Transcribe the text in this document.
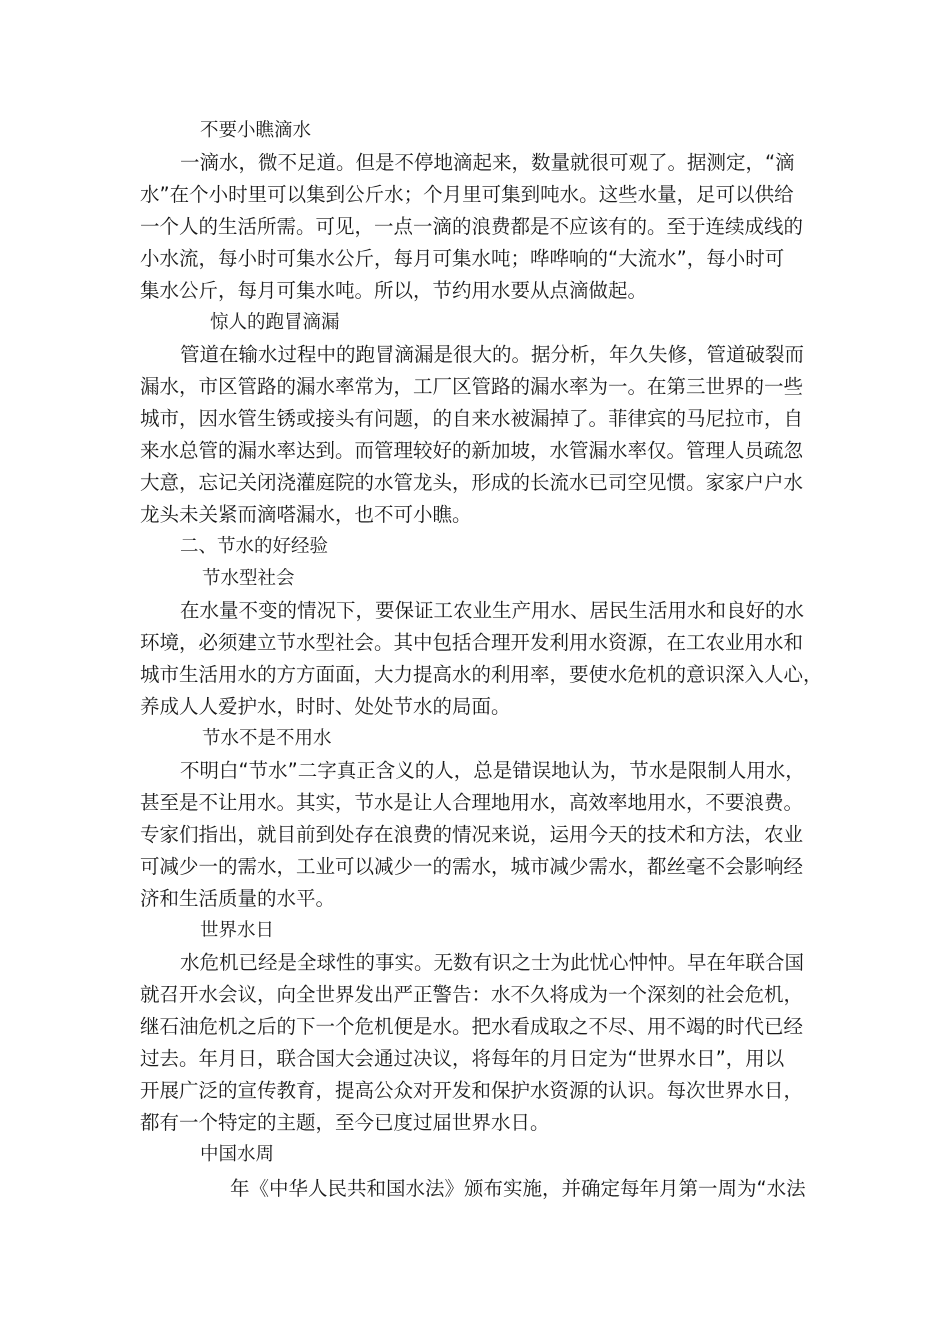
不要小瞧滴水
一滴水，微不足道。但是不停地滴起来，数量就很可观了。据测定，“滴
水”在个小时里可以集到公斤水；个月里可集到吨水。这些水量，足可以供给
一个人的生活所需。可见，一点一滴的浪费都是不应该有的。至于连续成线的
小水流，每小时可集水公斤，每月可集水吨；哗哗响的“大流水”，每小时可
集水公斤，每月可集水吨。所以，节约用水要从点滴做起。
惊人的跑冒滴漏
管道在输水过程中的跑冒滴漏是很大的。据分析，年久失修，管道破裂而
漏水，市区管路的漏水率常为，工厂区管路的漏水率为一。在第三世界的一些
城市，因水管生锈或接头有问题，的自来水被漏掉了。菲律宾的马尼拉市，自
来水总管的漏水率达到。而管理较好的新加坡，水管漏水率仅。管理人员疏忽
大意，忘记关闭浇灌庭院的水管龙头，形成的长流水已司空见惯。家家户户水
龙头未关紧而滴嗒漏水，也不可小瞧。
二、节水的好经验
节水型社会
在水量不变的情况下，要保证工农业生产用水、居民生活用水和良好的水
环境，必须建立节水型社会。其中包括合理开发利用水资源，在工农业用水和
城市生活用水的方方面面，大力提高水的利用率，要使水危机的意识深入人心，
养成人人爱护水，时时、处处节水的局面。
节水不是不用水
不明白“节水”二字真正含义的人，总是错误地认为，节水是限制人用水，
甚至是不让用水。其实，节水是让人合理地用水，高效率地用水，不要浪费。
专家们指出，就目前到处存在浪费的情况来说，运用今天的技术和方法，农业
可减少一的需水，工业可以减少一的需水，城市减少需水，都丝毫不会影响经
济和生活质量的水平。
世界水日
水危机已经是全球性的事实。无数有识之士为此忧心忡忡。早在年联合国
就召开水会议，向全世界发出严正警告：水不久将成为一个深刻的社会危机，
继石油危机之后的下一个危机便是水。把水看成取之不尽、用不竭的时代已经
过去。年月日，联合国大会通过决议，将每年的月日定为“世界水日”，用以
开展广泛的宣传教育，提高公众对开发和保护水资源的认识。每次世界水日，
都有一个特定的主题，至今已度过届世界水日。
中国水周
年《中华人民共和国水法》颁布实施，并确定每年月第一周为“水法
